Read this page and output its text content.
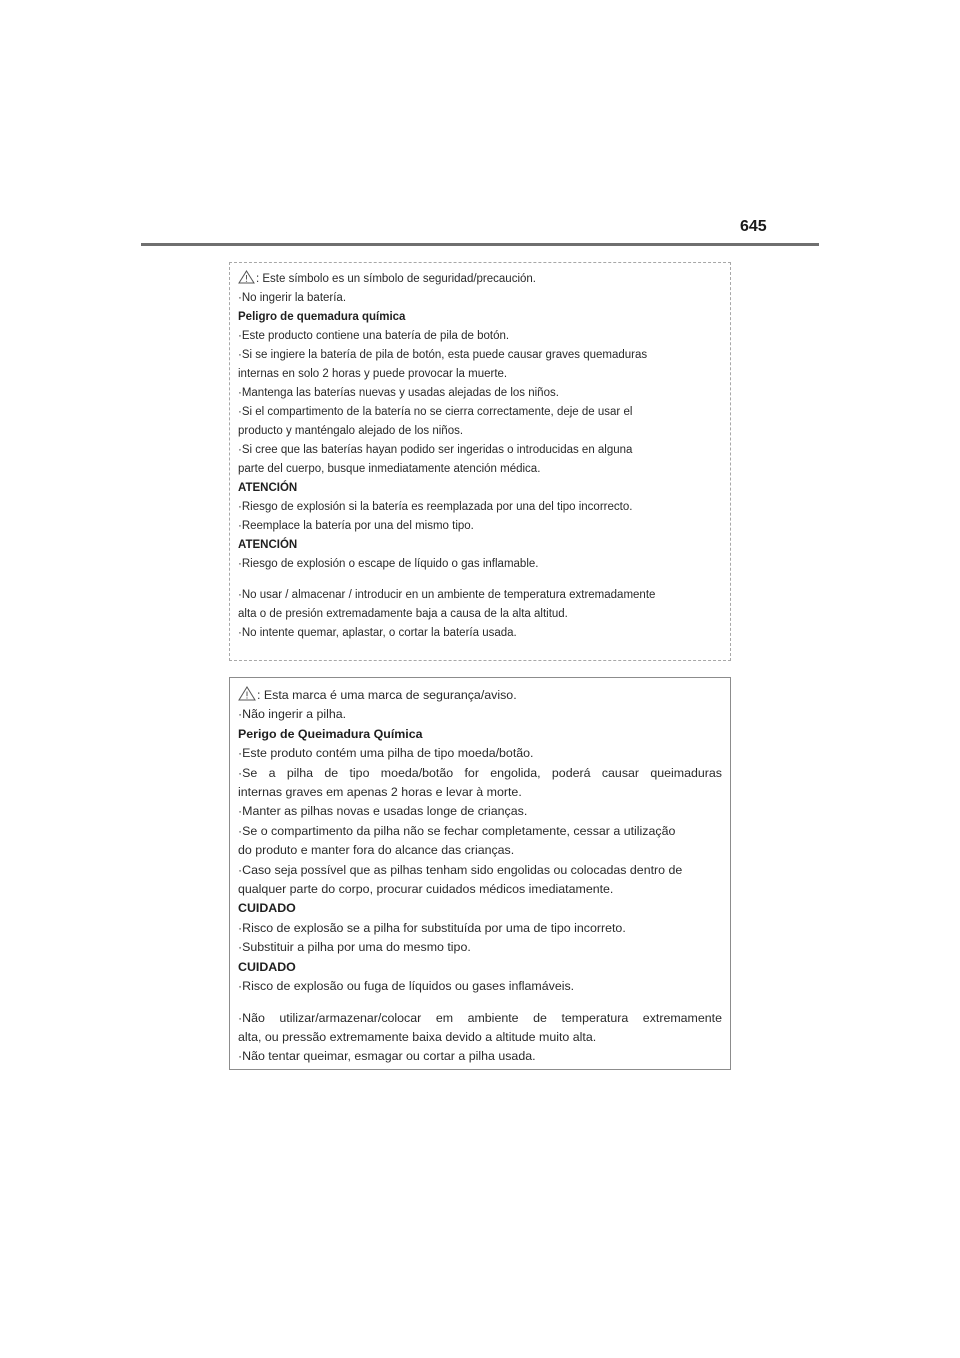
645
: Este símbolo es un símbolo de seguridad/precaución.
·No ingerir la batería.
Peligro de quemadura química
·Este producto contiene una batería de pila de botón.
·Si se ingiere la batería de pila de botón, esta puede causar graves quemaduras
internas en solo 2 horas y puede provocar la muerte.
·Mantenga las baterías nuevas y usadas alejadas de los niños.
·Si el compartimento de la batería no se cierra correctamente, deje de usar el
producto y manténgalo alejado de los niños.
·Si cree que las baterías hayan podido ser ingeridas o introducidas en alguna
parte del cuerpo, busque inmediatamente atención médica.
ATENCIÓN
·Riesgo de explosión si la batería es reemplazada por una del tipo incorrecto.
·Reemplace la batería por una del mismo tipo.
ATENCIÓN
·Riesgo de explosión o escape de líquido o gas inflamable.
·No usar / almacenar / introducir en un ambiente de temperatura extremadamente
alta o de presión extremadamente baja a causa de la alta altitud.
·No intente quemar, aplastar, o cortar la batería usada.
: Esta marca é uma marca de segurança/aviso.
·Não ingerir a pilha.
Perigo de Queimadura Química
·Este produto contém uma pilha de tipo moeda/botão.
·Se a pilha de tipo moeda/botão for engolida, poderá causar queimaduras
internas graves em apenas 2 horas e levar à morte.
·Manter as pilhas novas e usadas longe de crianças.
·Se o compartimento da pilha não se fechar completamente, cessar a utilização
do produto e manter fora do alcance das crianças.
·Caso seja possível que as pilhas tenham sido engolidas ou colocadas dentro de
qualquer parte do corpo, procurar cuidados médicos imediatamente.
CUIDADO
·Risco de explosão se a pilha for substituída por uma de tipo incorreto.
·Substituir a pilha por uma do mesmo tipo.
CUIDADO
·Risco de explosão ou fuga de líquidos ou gases inflamáveis.
·Não utilizar/armazenar/colocar em ambiente de temperatura extremamente
alta, ou pressão extremamente baixa devido a altitude muito alta.
·Não tentar queimar, esmagar ou cortar a pilha usada.
